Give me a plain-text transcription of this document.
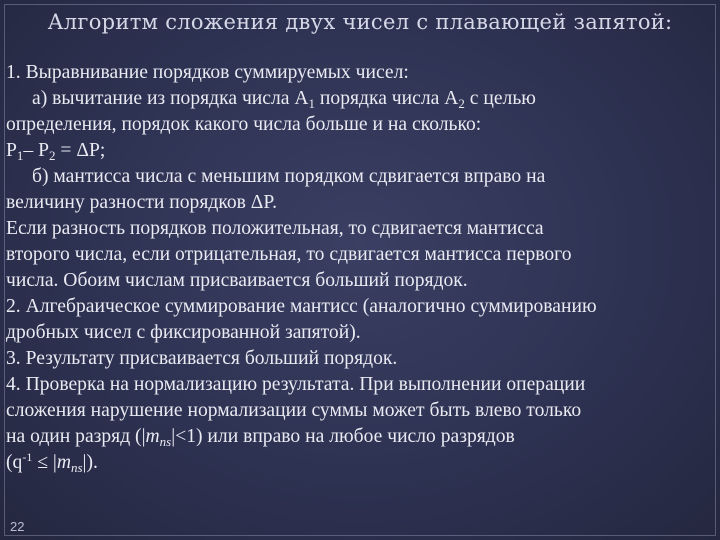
Алгоритм сложения двух чисел с плавающей запятой:

1. Выравнивание порядков суммируемых чисел:

а) вычитание из порядка числа $А_1$ порядка числа $А_2$ с целью

определения, порядок какого числа больше и на сколько:

$P_1-$ $P_2 = \Delta P$;

б) мантисса числа с меньшим порядком сдвигается вправо на

величину разности порядков ΔP.

Если разность порядков положительная, то сдвигается мантисса

второго числа, если отрицательная, то сдвигается мантисса первого

числа. Обоим числам присваивается больший порядок.

2. Алгебраическое суммирование мантисс (аналогично суммированию

дробных чисел с фиксированной запятой).

3. Результату присваивается больший порядок.

4. Проверка на нормализацию результата. При выполнении операции

сложения нарушение нормализации суммы может быть влево только

на один разряд $(|m_{ns}|<1)$ или вправо на любое число разрядов

$(q^{-1} \le |m_{ns}|)$.

22
